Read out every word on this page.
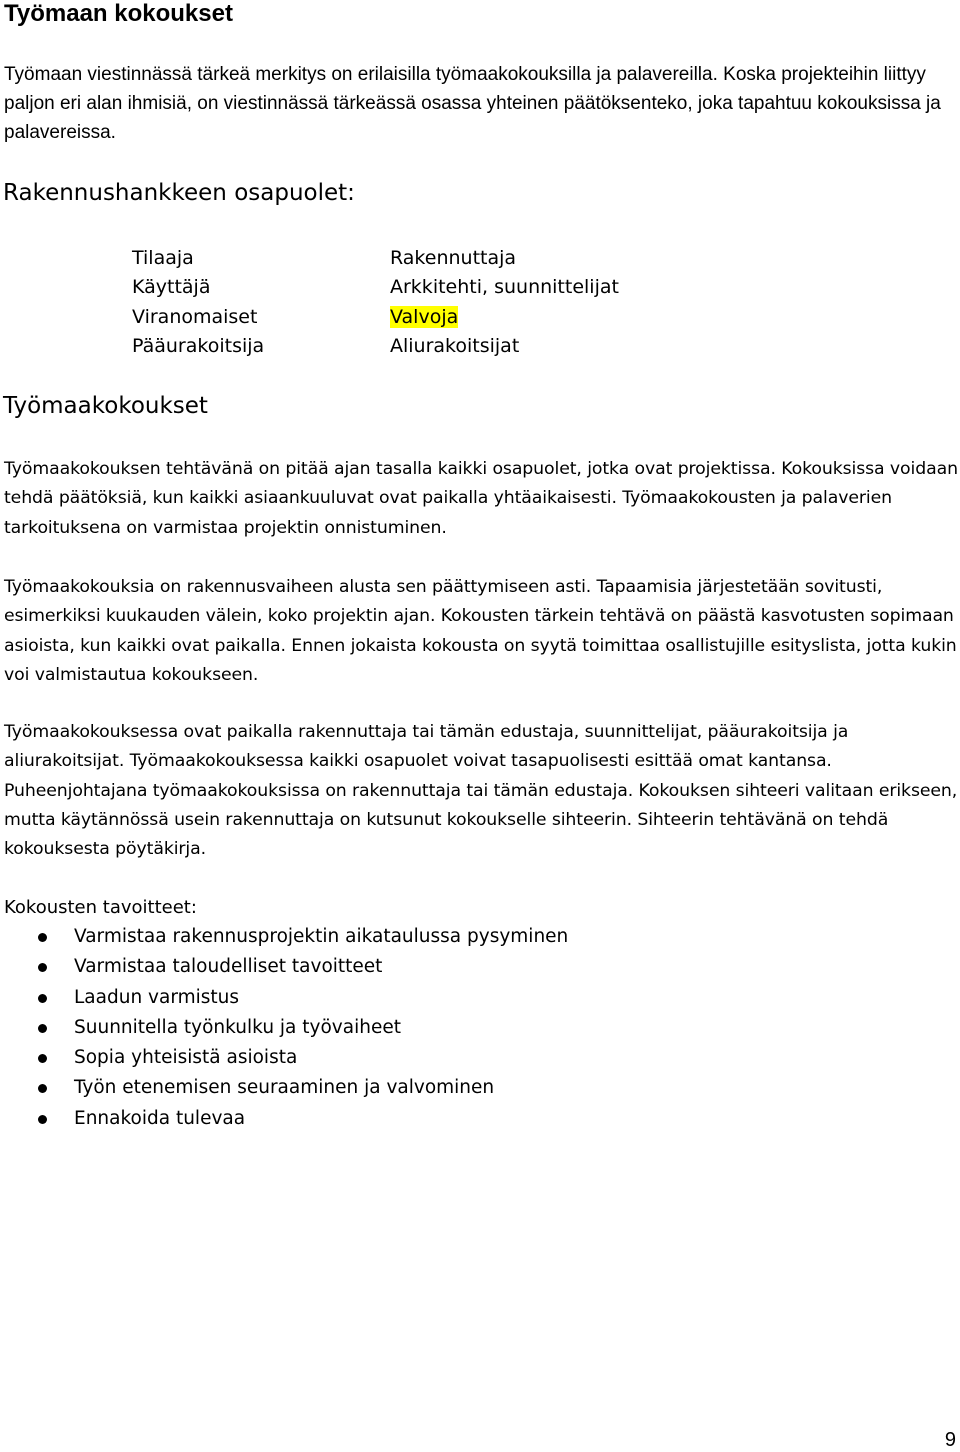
Työmaan kokoukset

Työmaan viestinnässä tärkeä merkitys on erilaisilla työmaakokouksilla ja palavereilla. Koska projekteihin liittyy paljon eri alan ihmisiä, on viestinnässä tärkeässä osassa yhteinen päätöksenteko, joka tapahtuu kokouksissa ja palavereissa.

Rakennushankkeen osapuolet:
Tilaaja
Käyttäjä
Viranomaiset
Pääurakoitsija
Rakennuttaja
Arkkitehti, suunnittelijat
Valvoja
Aliurakoitsijat
Työmaakokoukset

Työmaakokouksen tehtävänä on pitää ajan tasalla kaikki osapuolet, jotka ovat projektissa. Kokouksissa voidaan tehdä päätöksiä, kun kaikki asiaankuuluvat ovat paikalla yhtäaikaisesti. Työmaakokousten ja palaverien tarkoituksena on varmistaa projektin onnistuminen.

Työmaakokouksia on rakennusvaiheen alusta sen päättymiseen asti. Tapaamisia järjestetään sovitusti, esimerkiksi kuukauden välein, koko projektin ajan. Kokousten tärkein tehtävä on päästä kasvotusten sopimaan asioista, kun kaikki ovat paikalla. Ennen jokaista kokousta on syytä toimittaa osallistujille esityslista, jotta kukin voi valmistautua kokoukseen.

Työmaakokouksessa ovat paikalla rakennuttaja tai tämän edustaja, suunnittelijat, pääurakoitsija ja aliurakoitsijat. Työmaakokouksessa kaikki osapuolet voivat tasapuolisesti esittää omat kantansa. Puheenjohtajana työmaakokouksissa on rakennuttaja tai tämän edustaja. Kokouksen sihteeri valitaan erikseen, mutta käytännössä usein rakennuttaja on kutsunut kokoukselle sihteerin. Sihteerin tehtävänä on tehdä kokouksesta pöytäkirja.

Kokousten tavoitteet:

Varmistaa rakennusprojektin aikataulussa pysyminen
Varmistaa taloudelliset tavoitteet
Laadun varmistus
Suunnitella työnkulku ja työvaiheet
Sopia yhteisistä asioista
Työn etenemisen seuraaminen ja valvominen
Ennakoida tulevaa

9
